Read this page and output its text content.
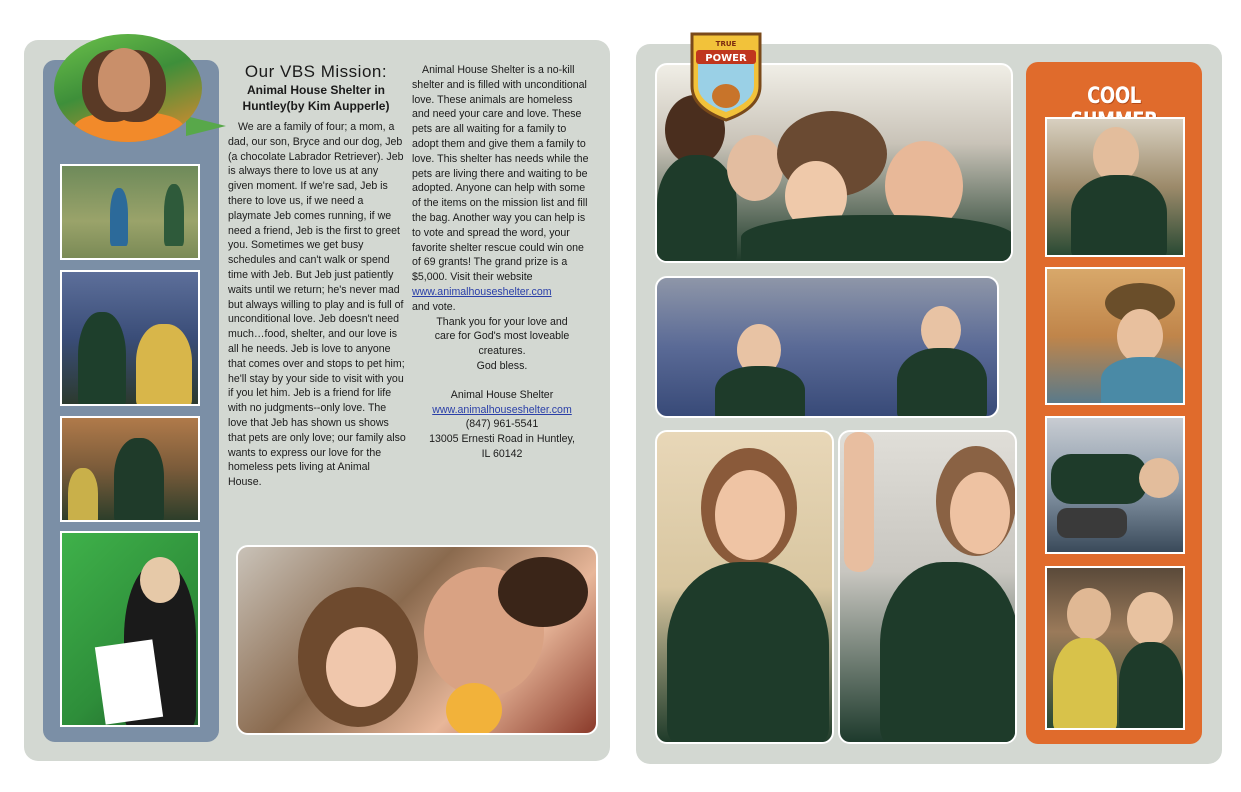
Our VBS Mission:
Animal House Shelter in Huntley(by Kim Aupperle)

We are a family of four; a mom, a dad, our son, Bryce and our dog, Jeb (a chocolate Labrador Retriever). Jeb is always there to love us at any given moment. If we're sad, Jeb is there to love us, if we need a playmate Jeb comes running, if we need a friend, Jeb is the first to greet you. Sometimes we get busy schedules and can't walk or spend time with Jeb. But Jeb just patiently waits until we return; he's never mad but always willing to play and is full of unconditional love. Jeb doesn't need much…food, shelter, and our love is all he needs. Jeb is love to anyone that comes over and stops to pet him; he'll stay by your side to visit with you if you let him. Jeb is a friend for life with no judgments--only love. The love that Jeb has shown us shows that pets are only love; our family also wants to express our love for the homeless pets living at Animal House.

Animal House Shelter is a no-kill shelter and is filled with unconditional love. These animals are homeless and need your care and love. These pets are all waiting for a family to adopt them and give them a family to love. This shelter has needs while the pets are living there and waiting to be adopted. Anyone can help with some of the items on the mission list and fill the bag. Another way you can help is to vote and spread the word, your favorite shelter rescue could win one of 69 grants! The grand prize is a $5,000. Visit their website

www.animalhouseshelter.com

and vote.

Thank you for your love and

care for God's most loveable

creatures.

God bless.

Animal House Shelter

www.animalhouseshelter.com

(847) 961-5541

13005 Ernesti Road in Huntley,

IL 60142

TRUE
POWER
COOL
